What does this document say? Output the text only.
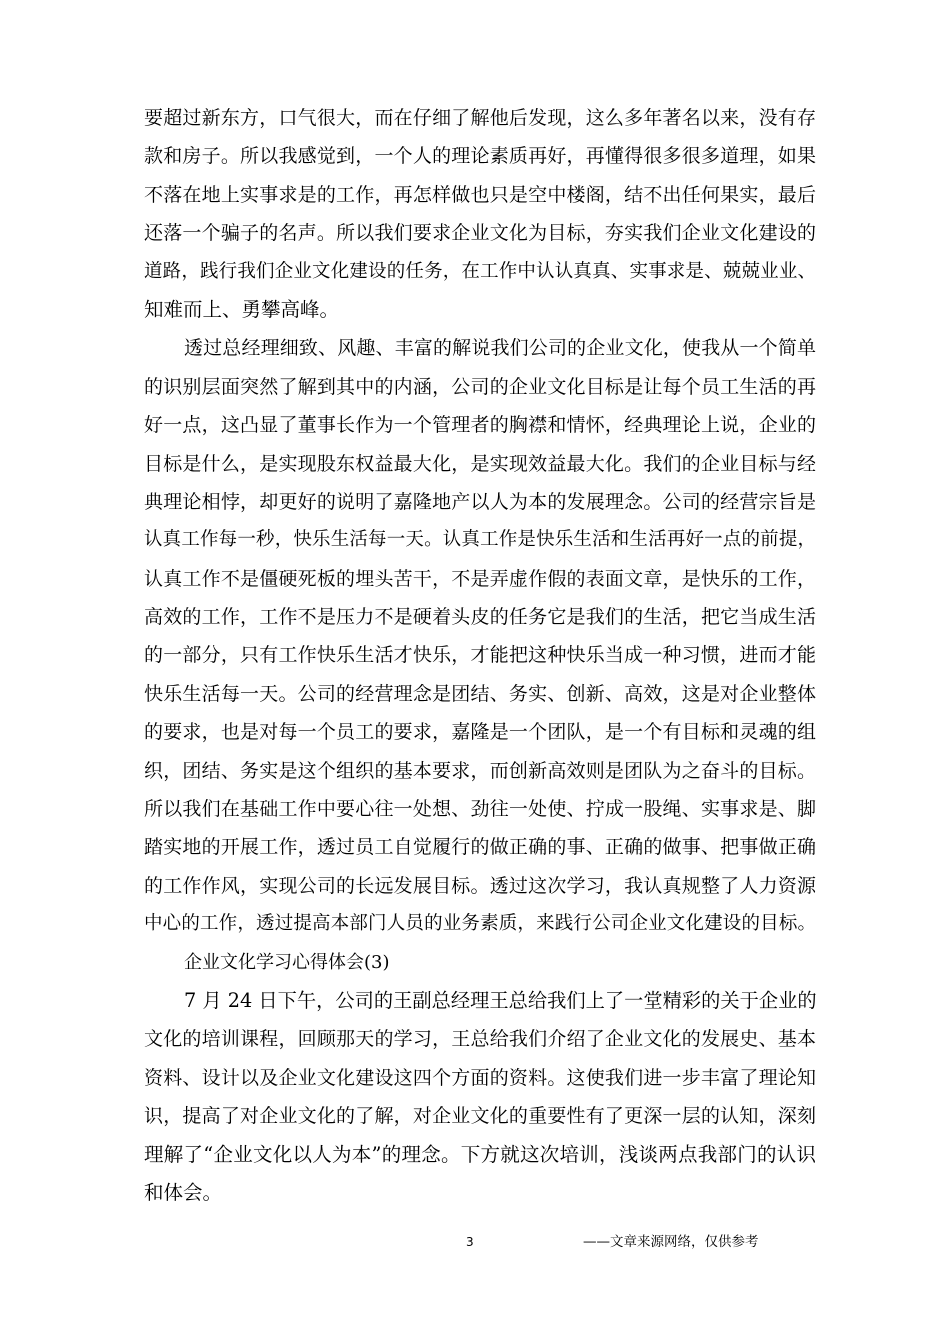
要超过新东方，口气很大，而在仔细了解他后发现，这么多年著名以来，没有存
款和房子。所以我感觉到，一个人的理论素质再好，再懂得很多很多道理，如果
不落在地上实事求是的工作，再怎样做也只是空中楼阁，结不出任何果实，最后
还落一个骗子的名声。所以我们要求企业文化为目标，夯实我们企业文化建设的
道路，践行我们企业文化建设的任务，在工作中认认真真、实事求是、兢兢业业、
知难而上、勇攀高峰。
透过总经理细致、风趣、丰富的解说我们公司的企业文化，使我从一个简单
的识别层面突然了解到其中的内涵，公司的企业文化目标是让每个员工生活的再
好一点，这凸显了董事长作为一个管理者的胸襟和情怀，经典理论上说，企业的
目标是什么，是实现股东权益最大化，是实现效益最大化。我们的企业目标与经
典理论相悖，却更好的说明了嘉隆地产以人为本的发展理念。公司的经营宗旨是
认真工作每一秒，快乐生活每一天。认真工作是快乐生活和生活再好一点的前提，
认真工作不是僵硬死板的埋头苦干，不是弄虚作假的表面文章，是快乐的工作，
高效的工作，工作不是压力不是硬着头皮的任务它是我们的生活，把它当成生活
的一部分，只有工作快乐生活才快乐，才能把这种快乐当成一种习惯，进而才能
快乐生活每一天。公司的经营理念是团结、务实、创新、高效，这是对企业整体
的要求，也是对每一个员工的要求，嘉隆是一个团队，是一个有目标和灵魂的组
织，团结、务实是这个组织的基本要求，而创新高效则是团队为之奋斗的目标。
所以我们在基础工作中要心往一处想、劲往一处使、拧成一股绳、实事求是、脚
踏实地的开展工作，透过员工自觉履行的做正确的事、正确的做事、把事做正确
的工作作风，实现公司的长远发展目标。透过这次学习，我认真规整了人力资源
中心的工作，透过提高本部门人员的业务素质，来践行公司企业文化建设的目标。
企业文化学习心得体会(3)
7 月 24 日下午，公司的王副总经理王总给我们上了一堂精彩的关于企业的
文化的培训课程，回顾那天的学习，王总给我们介绍了企业文化的发展史、基本
资料、设计以及企业文化建设这四个方面的资料。这使我们进一步丰富了理论知
识，提高了对企业文化的了解，对企业文化的重要性有了更深一层的认知，深刻
理解了“企业文化以人为本”的理念。下方就这次培训，浅谈两点我部门的认识
和体会。
3	——文章来源网络，仅供参考
